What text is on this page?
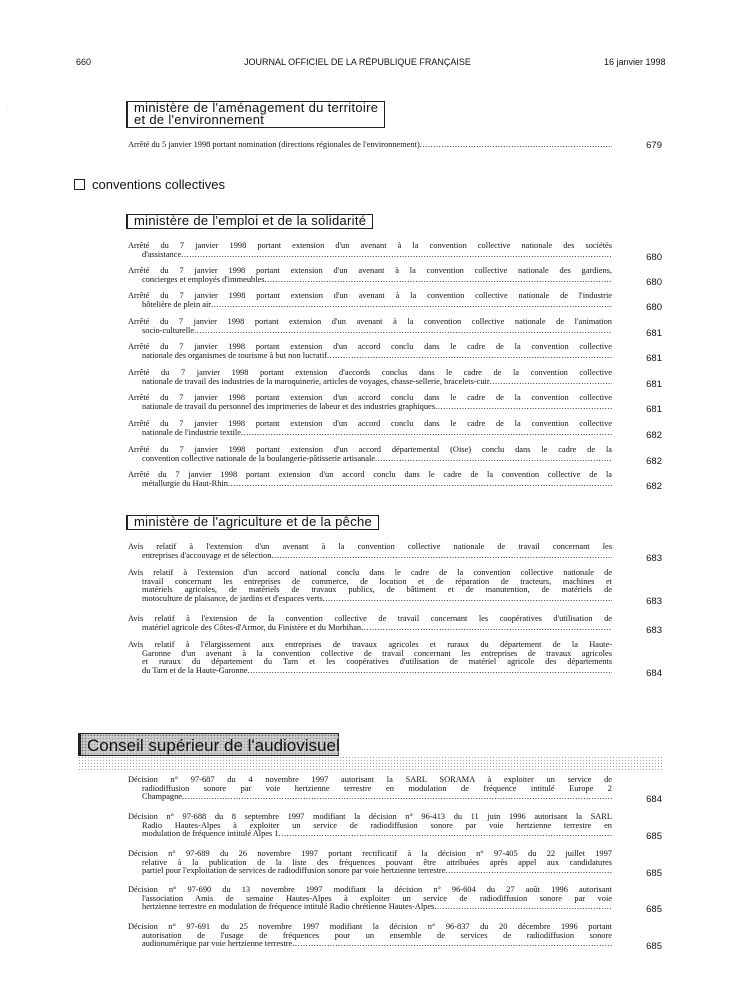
660	JOURNAL OFFICIEL DE LA RÉPUBLIQUE FRANÇAISE	16 janvier 1998
·	ministère de l'aménagement du territoire
et de l'environnement
Arrêté du 5 janvier 1998 portant nomination (directions régionales de l'environnement) .....	679
conventions collectives
ministère de l'emploi et de la solidarité
Arrêté du 7 janvier 1998 portant extension d'un avenant à la convention collective nationale des sociétés
d'assistance .....	680
Arrêté du 7 janvier 1998 portant extension d'un avenant à la convention collective nationale des gardiens,
concierges et employés d'immeubles .....	680
Arrêté du 7 janvier 1998 portant extension d'un avenant à la convention collective nationale de l'industrie
hôtelière de plein air .....	680
Arrêté du 7 janvier 1998 portant extension d'un avenant à la convention collective nationale de l'animation
socio-culturelle .....	681
Arrêté du 7 janvier 1998 portant extension d'un accord conclu dans le cadre de la convention collective
nationale des organismes de tourisme à but non lucratif .....	681
Arrêté du 7 janvier 1998 portant extension d'accords conclus dans le cadre de la convention collective
nationale de travail des industries de la maroquinerie, articles de voyages, chasse-sellerie, bracelets-cuir .....	681
Arrêté du 7 janvier 1998 portant extension d'un accord conclu dans le cadre de la convention collective
nationale de travail du personnel des imprimeries de labeur et des industries graphiques .....	681
Arrêté du 7 janvier 1998 portant extension d'un accord conclu dans le cadre de la convention collective
nationale de l'industrie textile .....	682
Arrêté du 7 janvier 1998 portant extension d'un accord départemental (Oise) conclu dans le cadre de la
convention collective nationale de la boulangerie-pâtisserie artisanale .....	682
Arrêté du 7 janvier 1998 portant extension d'un accord conclu dans le cadre de la convention collective de la
métallurgie du Haut-Rhin .....	682
ministère de l'agriculture et de la pêche
Avis relatif à l'extension d'un avenant à la convention collective nationale de travail concernant les
entreprises d'accouvage et de sélection .....	683
Avis relatif à l'extension d'un accord national conclu dans le cadre de la convention collective nationale de
travail concernant les entreprises de commerce, de location et de réparation de tracteurs, machines et
matériels agricoles, de matériels de travaux publics, de bâtiment et de manutention, de matériels de
motoculture de plaisance, de jardins et d'espaces verts .....	683
Avis relatif à l'extension de la convention collective de travail concernant les coopératives d'utilisation de
matériel agricole des Côtes-d'Armor, du Finistère et du Morbihan .....	683
Avis relatif à l'élargissement aux entreprises de travaux agricoles et ruraux du département de la Haute-
Garonne d'un avenant à la convention collective de travail concernant les entreprises de travaux agricoles
et ruraux du département du Tarn et les coopératives d'utilisation de matériel agricole des départements
du Tarn et de la Haute-Garonne .....	684
Conseil supérieur de l'audiovisuel
Décision n° 97-687 du 4 novembre 1997 autorisant la SARL SORAMA à exploiter un service de
radiodiffusion sonore par voie hertzienne terrestre en modulation de fréquence intitulé Europe 2
Champagne .....	684
Décision n° 97-688 du 8 septembre 1997 modifiant la décision n° 96-413 du 11 juin 1996 autorisant la SARL
Radio Hautes-Alpes à exploiter un service de radiodiffusion sonore par voie hertzienne terrestre en
modulation de fréquence intitulé Alpes 1 .....	685
Décision n° 97-689 du 26 novembre 1997 portant rectificatif à la décision n° 97-405 du 22 juillet 1997
relative à la publication de la liste des fréquences pouvant être attribuées après appel aux candidatures
partiel pour l'exploitation de services de radiodiffusion sonore par voie hertzienne terrestre .....	685
Décision n° 97-690 du 13 novembre 1997 modifiant la décision n° 96-604 du 27 août 1996 autorisant
l'association Amis de semaine Hautes-Alpes à exploiter un service de radiodiffusion sonore par voie
hertzienne terrestre en modulation de fréquence intitulé Radio chrétienne Hautes-Alpes .....	685
Décision n° 97-691 du 25 novembre 1997 modifiant la décision n° 96-837 du 20 décembre 1996 portant
autorisation de l'usage de fréquences pour un ensemble de services de radiodiffusion sonore
audionumérique par voie hertzienne terrestre .....	685
